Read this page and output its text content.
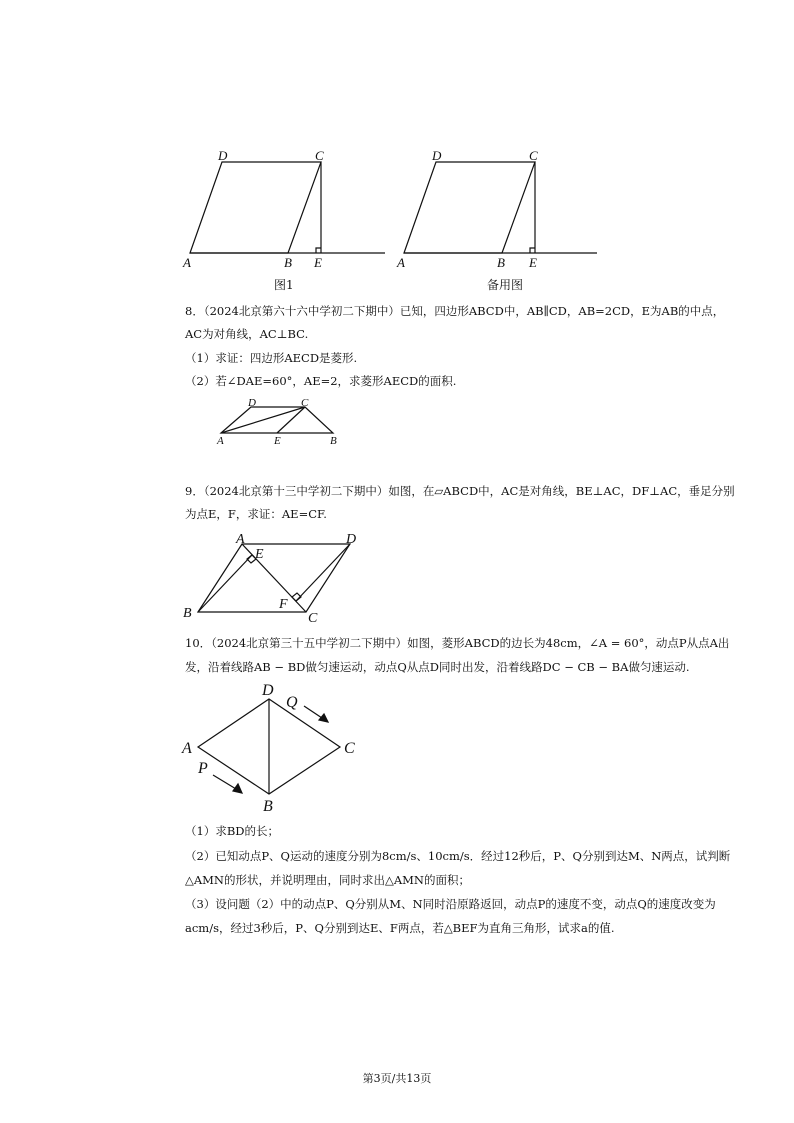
D	C
A	B E
图1
D	C
A	B E
备用图
8．（2024北京第六十六中学初二下期中）已知，四边形ABCD中，AB∥CD，AB=2CD，E为AB的中点，
AC为对角线，AC⊥BC.
（1）求证：四边形AECD是菱形.
（2）若∠DAE=60°，AE=2，求菱形AECD的面积.
D	C
A	E	B
9．（2024北京第十三中学初二下期中）如图，在▱ABCD中，AC是对角线，BE⊥AC，DF⊥AC，垂足分别
为点E，F，求证：AE=CF.
A
E
D
B
F
C
10．（2024北京第三十五中学初二下期中）如图，菱形ABCD的边长为48cm，∠A = 60°，动点P从点A出
发，沿着线路AB − BD做匀速运动，动点Q从点D同时出发，沿着线路DC − CB − BA做匀速运动.
D
Q
A	C
P
B
（1）求BD的长；
（2）已知动点P、Q运动的速度分别为8cm/s、10cm/s．经过12秒后，P、Q分别到达M、N两点，试判断
△AMN的形状，并说明理由，同时求出△AMN的面积；
（3）设问题（2）中的动点P、Q分别从M、N同时沿原路返回，动点P的速度不变，动点Q的速度改变为
acm/s，经过3秒后，P、Q分别到达E、F两点，若△BEF为直角三角形，试求a的值.
第3页/共13页
